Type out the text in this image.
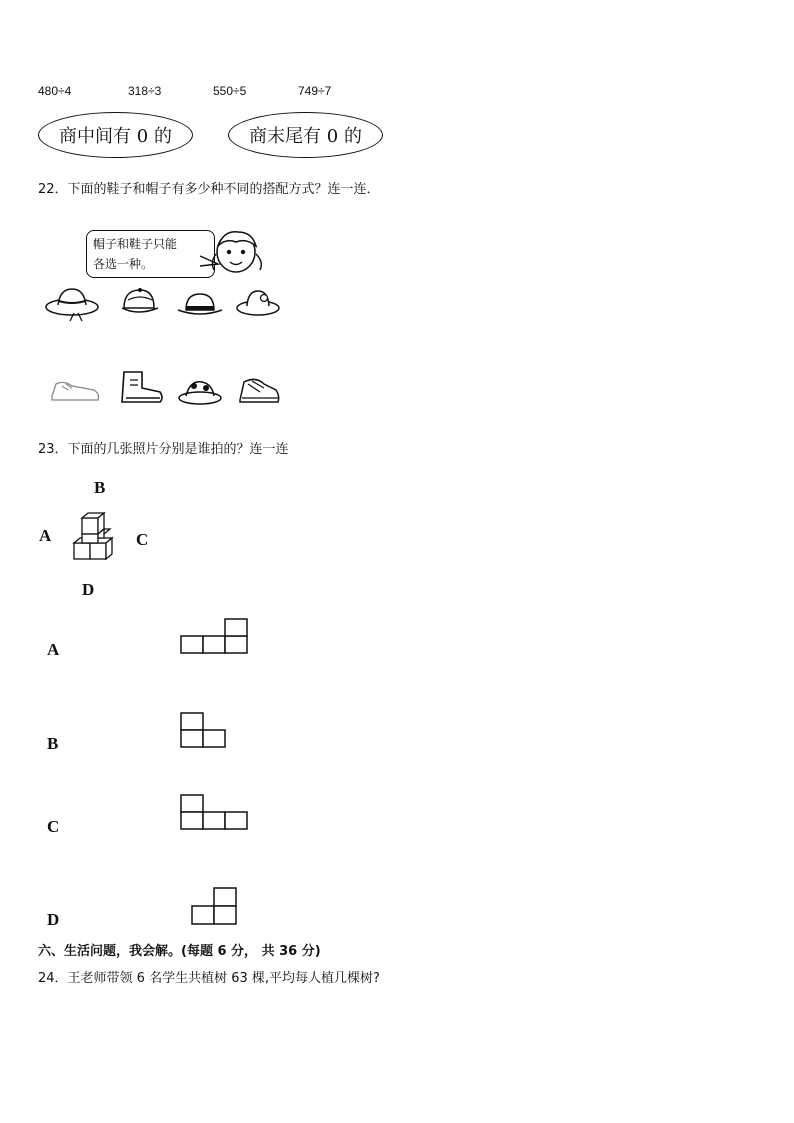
480÷4	318÷3	550÷5	749÷7
商中间有 0 的	商末尾有 0 的
22．下面的鞋子和帽子有多少种不同的搭配方式？连一连．
帽子和鞋子只能
各选一种。
23．下面的几张照片分别是谁拍的？连一连
B
A	C
D
A
B
C
D
六、生活问题，我会解。(每题 6 分， 共 36 分)
24．王老师带领 6 名学生共植树 63 棵,平均每人植几棵树?
